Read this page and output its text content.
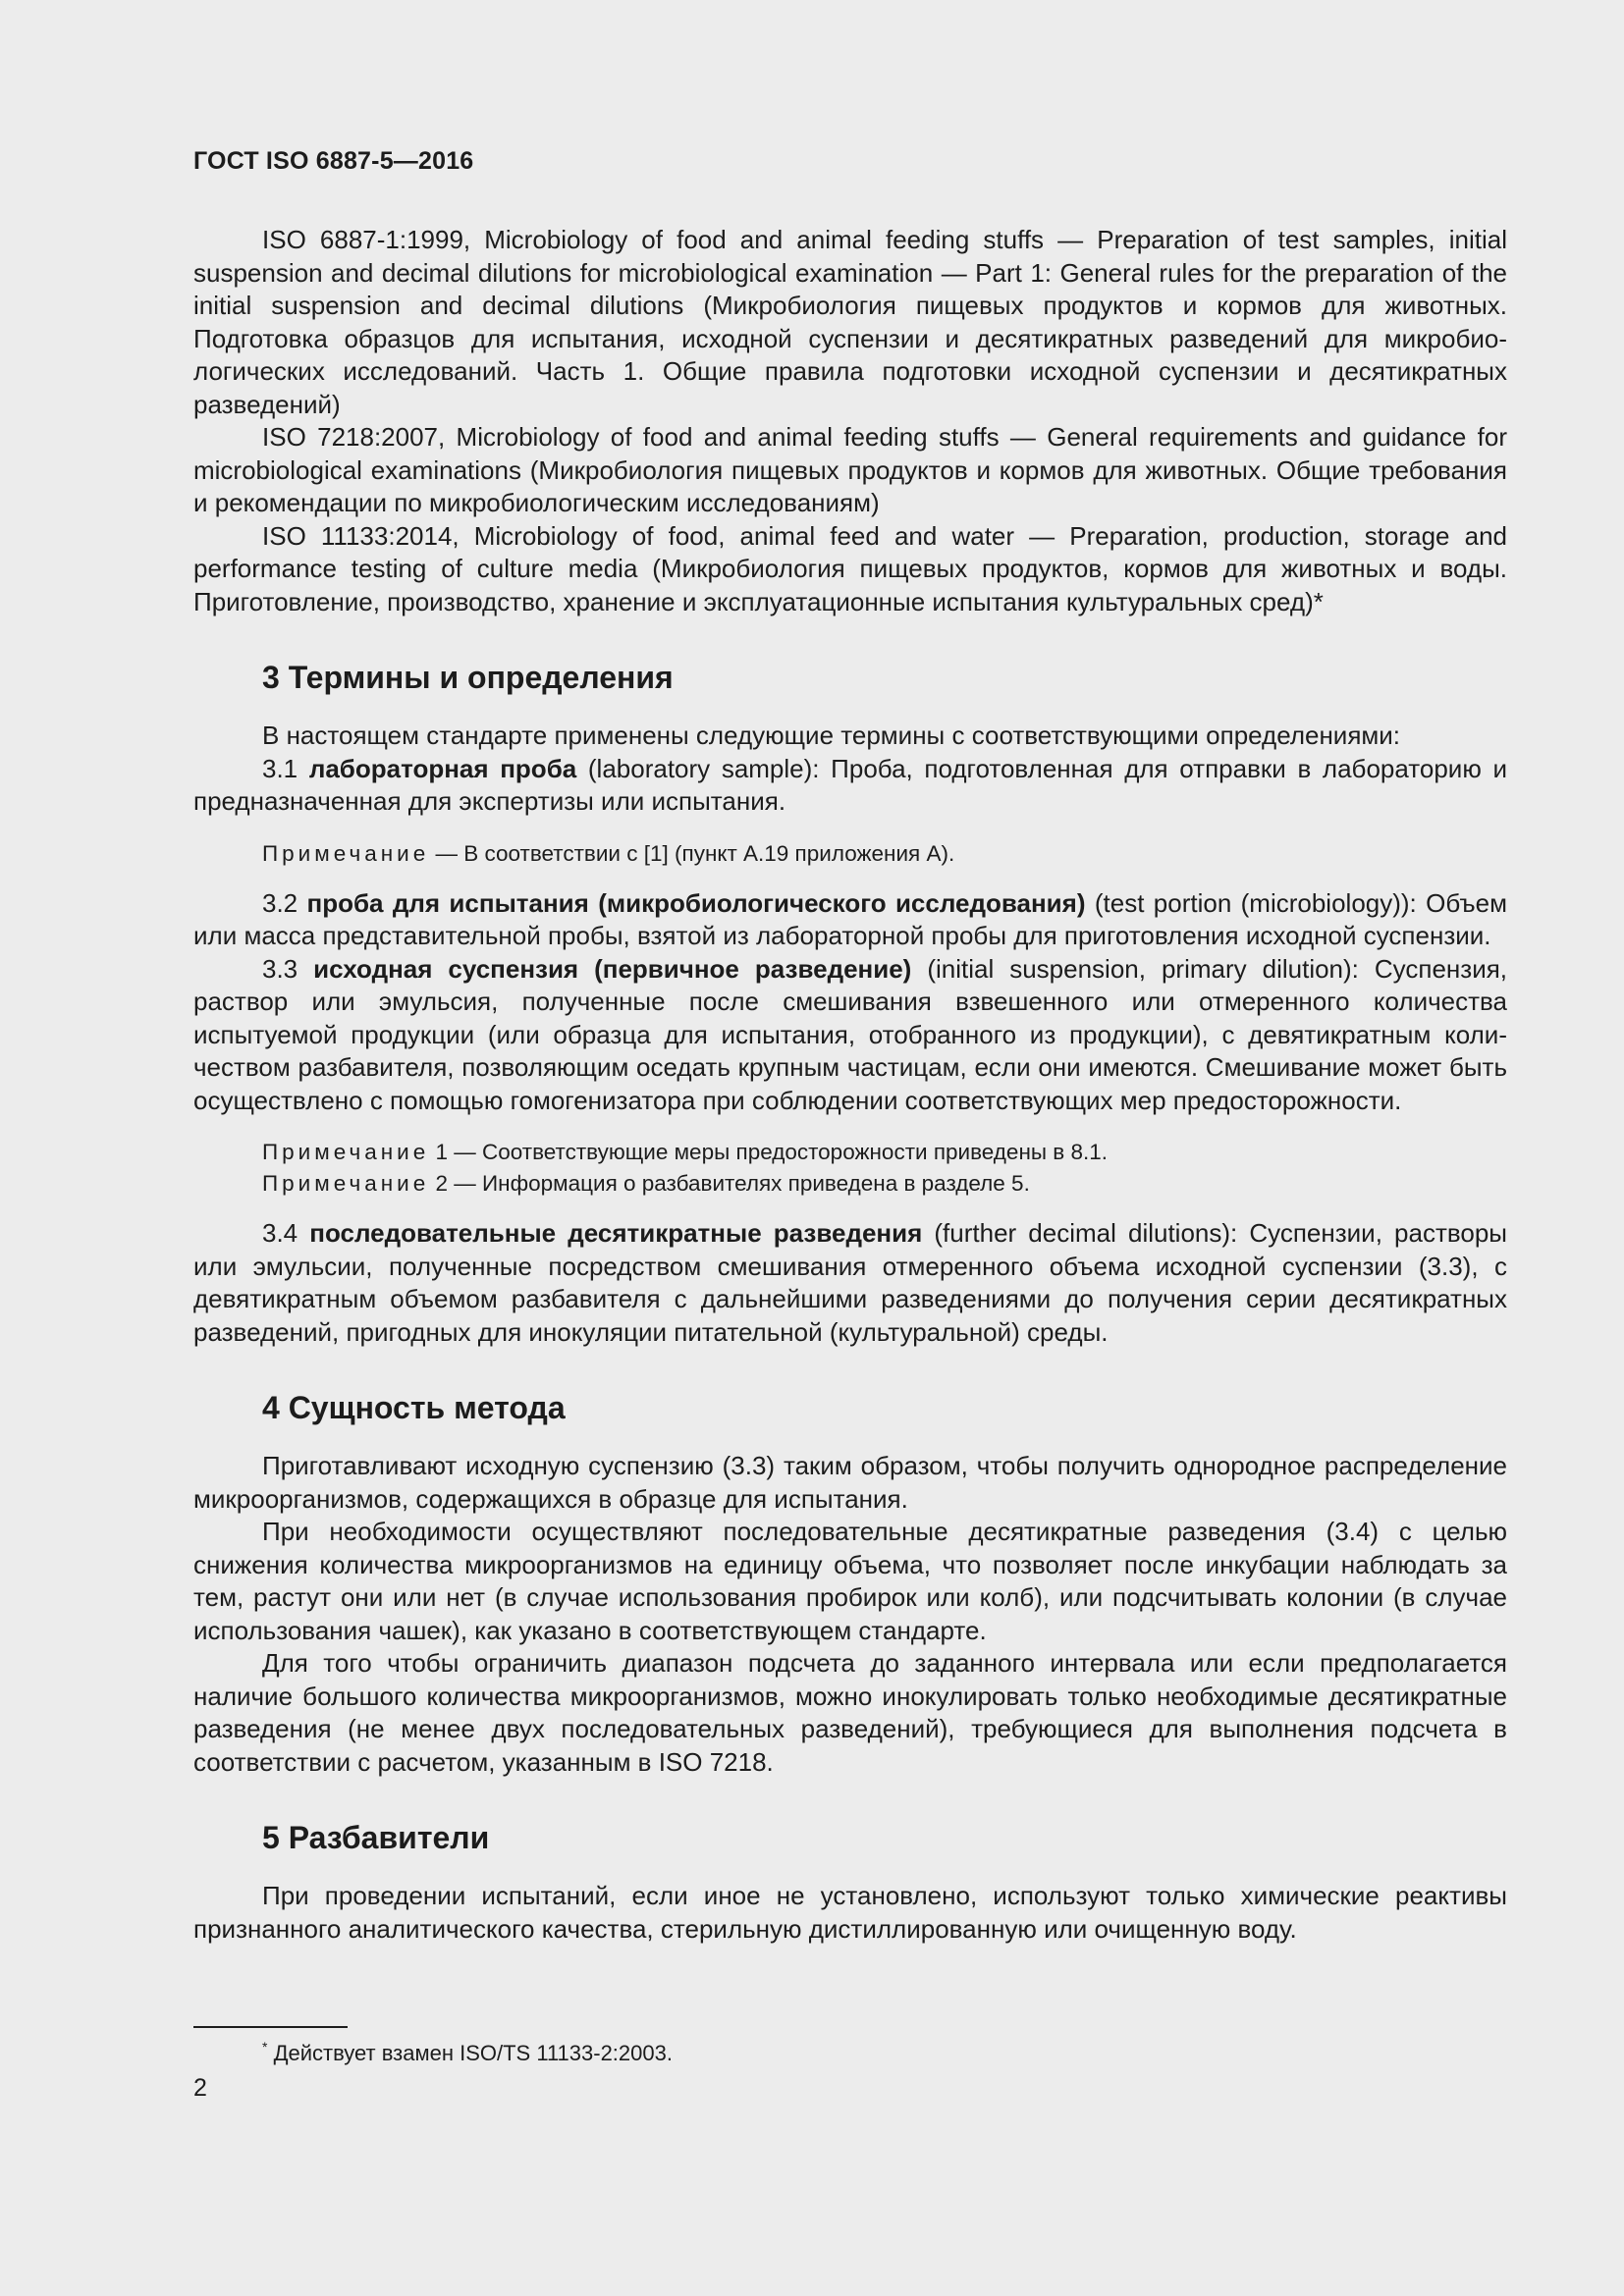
ГОСТ ISO 6887-5—2016

ISO 6887-1:1999, Microbiology of food and animal feeding stuffs — Preparation of test samples, initial suspension and decimal dilutions for microbiological examination — Part 1: General rules for the preparation of the initial suspension and decimal dilutions (Микробиология пищевых продуктов и кормов для животных. Подготовка образцов для испытания, исходной суспензии и десятикратных разведений для микробиологических исследований. Часть 1. Общие правила подготовки исходной суспензии и десятикратных разведений)

ISO 7218:2007, Microbiology of food and animal feeding stuffs — General requirements and guidance for microbiological examinations (Микробиология пищевых продуктов и кормов для животных. Общие требования и рекомендации по микробиологическим исследованиям)

ISO 11133:2014, Microbiology of food, animal feed and water — Preparation, production, storage and performance testing of culture media (Микробиология пищевых продуктов, кормов для животных и воды. Приготовление, производство, хранение и эксплуатационные испытания культуральных сред)*

3 Термины и определения

В настоящем стандарте применены следующие термины с соответствующими определениями:

3.1 лабораторная проба (laboratory sample): Проба, подготовленная для отправки в лабораторию и предназначенная для экспертизы или испытания.

Примечание — В соответствии с [1] (пункт А.19 приложения А).

3.2 проба для испытания (микробиологического исследования) (test portion (microbiology)): Объем или масса представительной пробы, взятой из лабораторной пробы для приготовления исходной суспензии.

3.3 исходная суспензия (первичное разведение) (initial suspension, primary dilution): Суспензия, раствор или эмульсия, полученные после смешивания взвешенного или отмеренного количества испытуемой продукции (или образца для испытания, отобранного из продукции), с девятикратным количеством разбавителя, позволяющим оседать крупным частицам, если они имеются. Смешивание может быть осуществлено с помощью гомогенизатора при соблюдении соответствующих мер предосторожности.

Примечание 1 — Соответствующие меры предосторожности приведены в 8.1.
Примечание 2 — Информация о разбавителях приведена в разделе 5.

3.4 последовательные десятикратные разведения (further decimal dilutions): Суспензии, растворы или эмульсии, полученные посредством смешивания отмеренного объема исходной суспензии (3.3), с девятикратным объемом разбавителя с дальнейшими разведениями до получения серии десятикратных разведений, пригодных для инокуляции питательной (культуральной) среды.

4 Сущность метода

Приготавливают исходную суспензию (3.3) таким образом, чтобы получить однородное распределение микроорганизмов, содержащихся в образце для испытания.

При необходимости осуществляют последовательные десятикратные разведения (3.4) с целью снижения количества микроорганизмов на единицу объема, что позволяет после инкубации наблюдать за тем, растут они или нет (в случае использования пробирок или колб), или подсчитывать колонии (в случае использования чашек), как указано в соответствующем стандарте.

Для того чтобы ограничить диапазон подсчета до заданного интервала или если предполагается наличие большого количества микроорганизмов, можно инокулировать только необходимые десятикратные разведения (не менее двух последовательных разведений), требующиеся для выполнения подсчета в соответствии с расчетом, указанным в ISO 7218.

5 Разбавители

При проведении испытаний, если иное не установлено, используют только химические реактивы признанного аналитического качества, стерильную дистиллированную или очищенную воду.

* Действует взамен ISO/TS 11133-2:2003.
2
